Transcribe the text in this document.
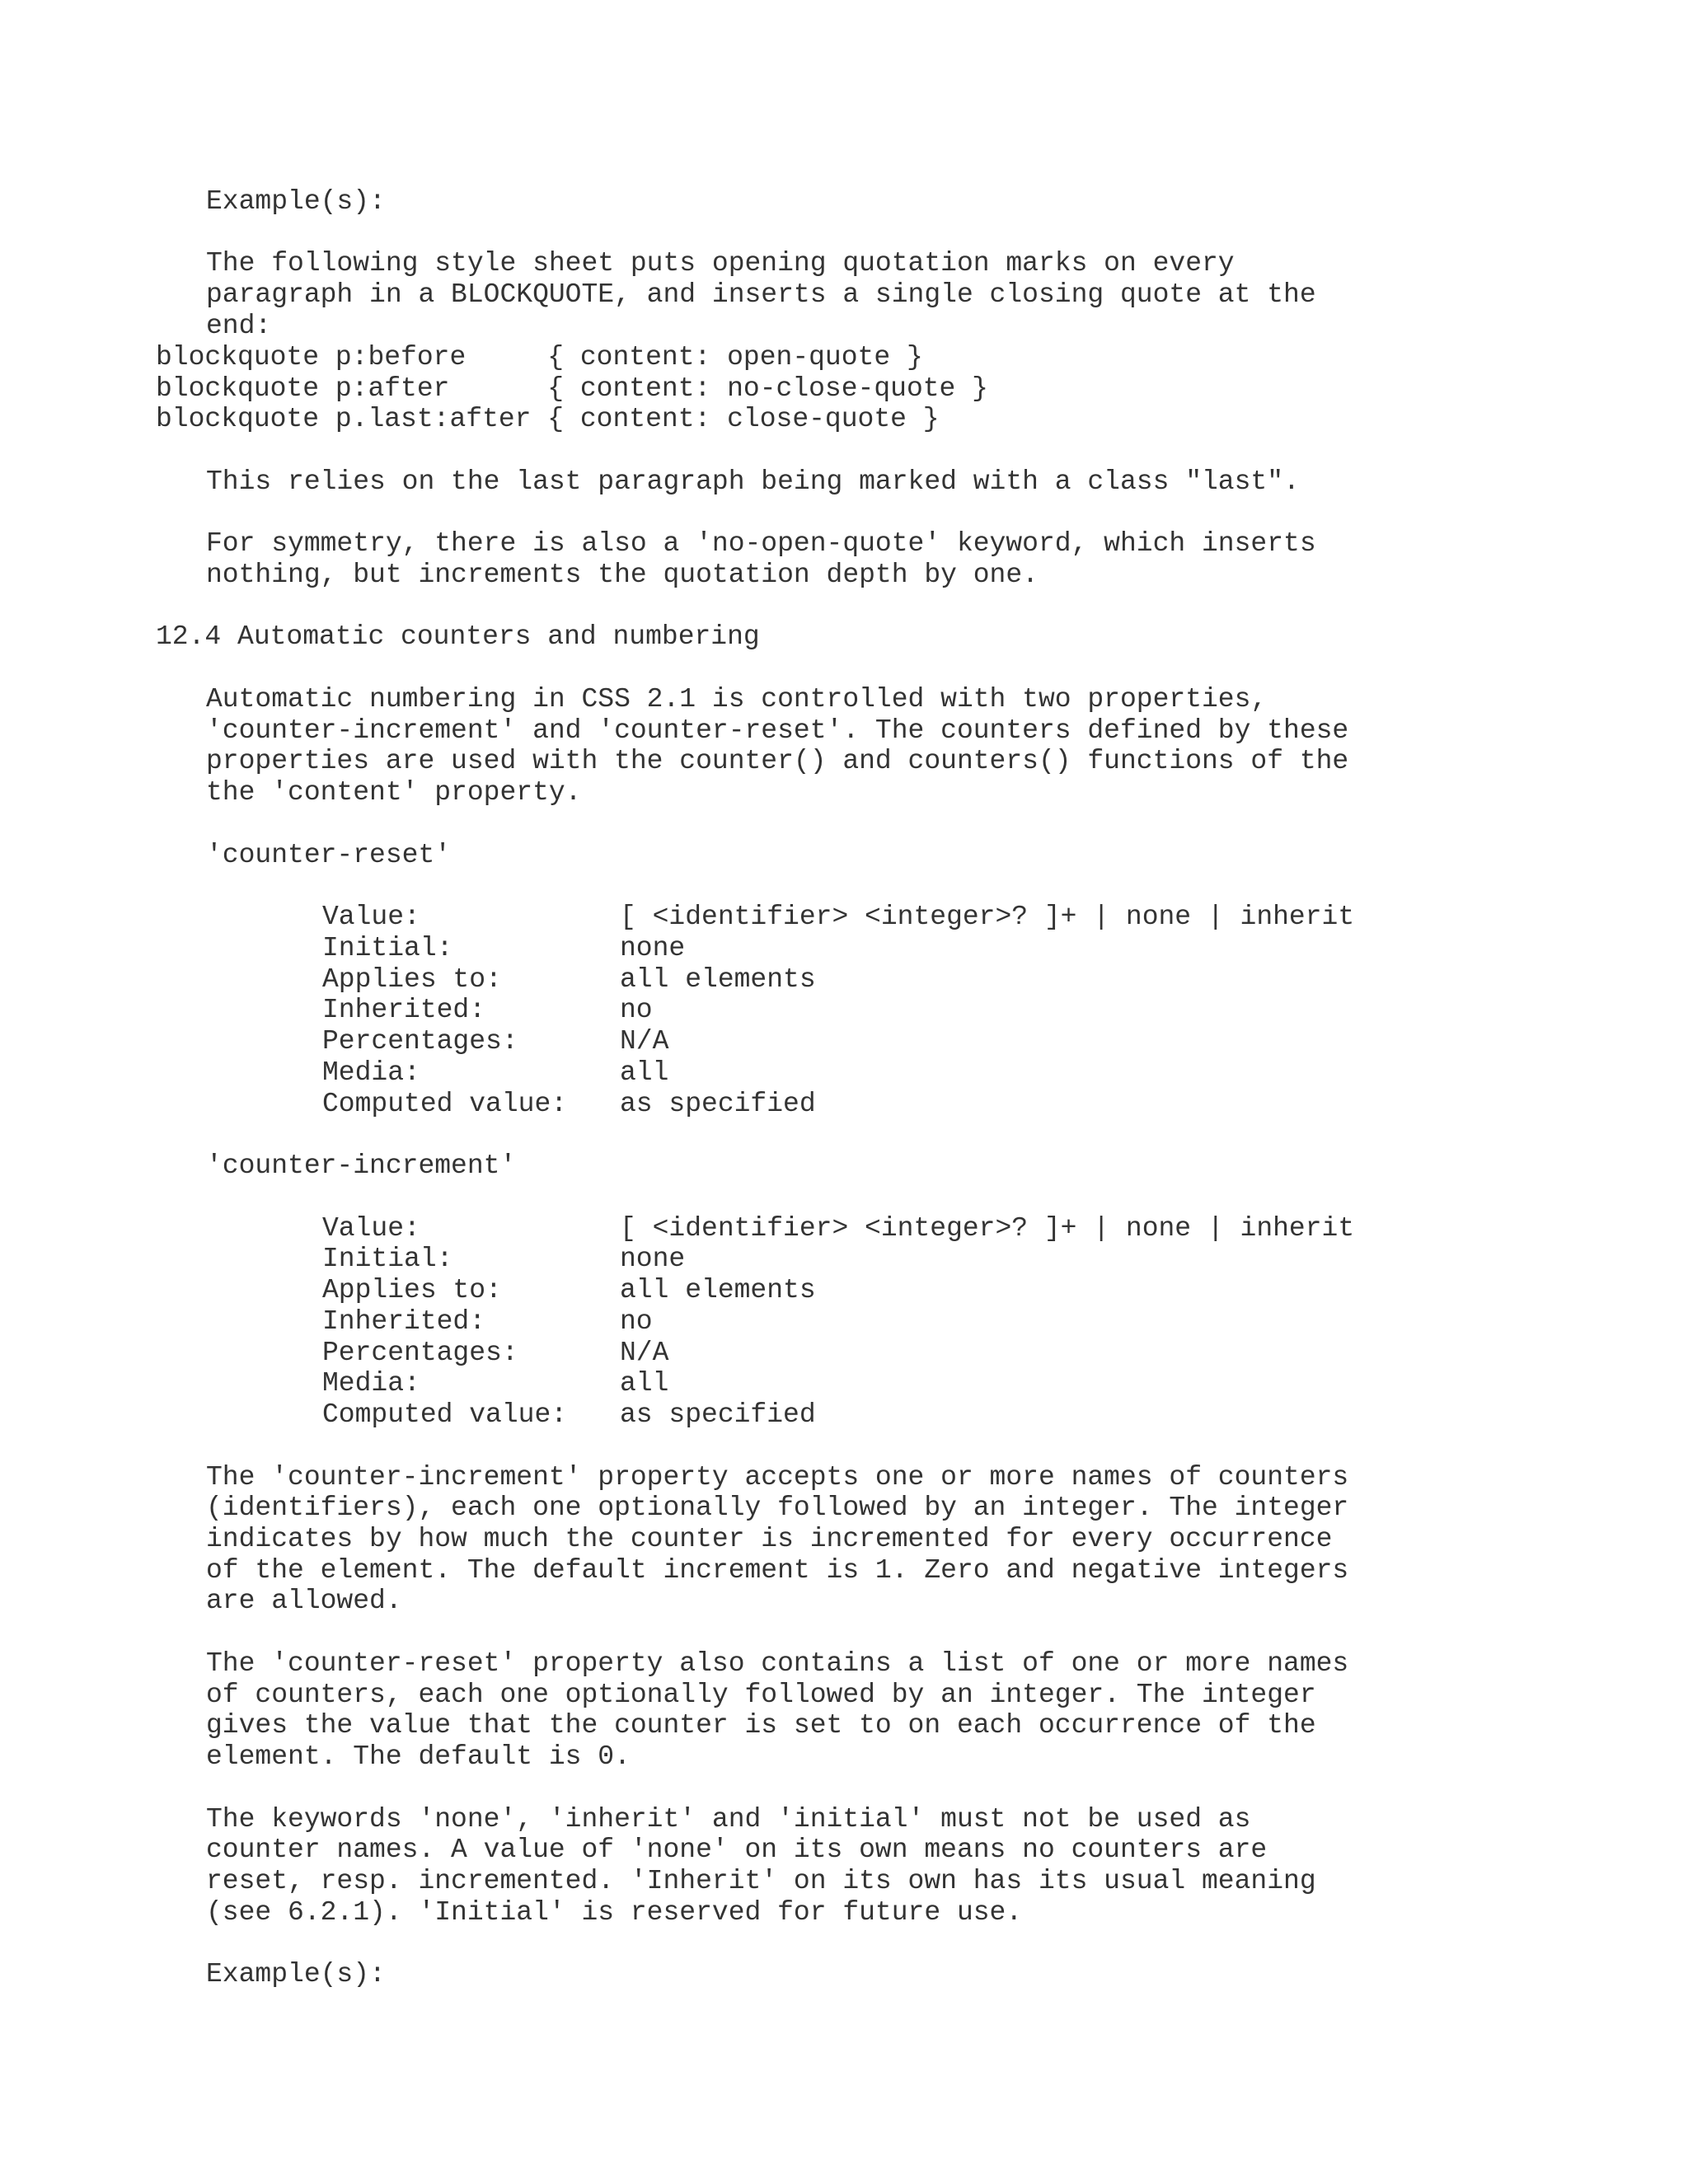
Example(s):
The following style sheet puts opening quotation marks on every
paragraph in a BLOCKQUOTE, and inserts a single closing quote at the
end:
blockquote p:before     { content: open-quote }
blockquote p:after      { content: no-close-quote }
blockquote p.last:after { content: close-quote }
This relies on the last paragraph being marked with a class "last".
For symmetry, there is also a 'no-open-quote' keyword, which inserts
nothing, but increments the quotation depth by one.
12.4 Automatic counters and numbering
Automatic numbering in CSS 2.1 is controlled with two properties,
'counter-increment' and 'counter-reset'. The counters defined by these
properties are used with the counter() and counters() functions of the
the 'content' property.
'counter-reset'
Value:	[ <identifier> <integer>? ]+ | none | inherit
Initial:	none
Applies to:	all elements
Inherited:	no
Percentages:	N/A
Media:	all
Computed value: as specified
'counter-increment'
Value:	[ <identifier> <integer>? ]+ | none | inherit
Initial:	none
Applies to:	all elements
Inherited:	no
Percentages:	N/A
Media:	all
Computed value: as specified
The 'counter-increment' property accepts one or more names of counters
(identifiers), each one optionally followed by an integer. The integer
indicates by how much the counter is incremented for every occurrence
of the element. The default increment is 1. Zero and negative integers
are allowed.
The 'counter-reset' property also contains a list of one or more names
of counters, each one optionally followed by an integer. The integer
gives the value that the counter is set to on each occurrence of the
element. The default is 0.
The keywords 'none', 'inherit' and 'initial' must not be used as
counter names. A value of 'none' on its own means no counters are
reset, resp. incremented. 'Inherit' on its own has its usual meaning
(see 6.2.1). 'Initial' is reserved for future use.
Example(s):
